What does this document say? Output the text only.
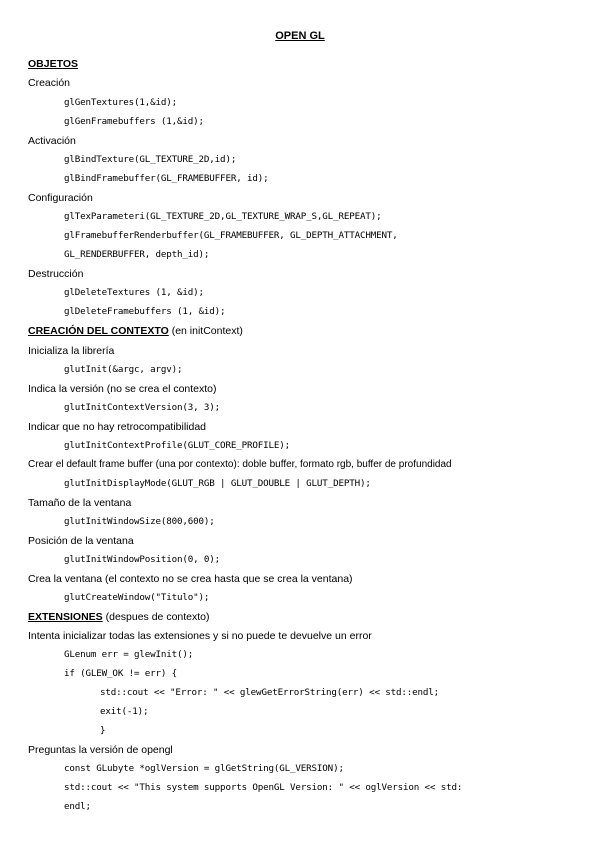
OPEN GL
OBJETOS
Creación
glGenTextures(1,&id);
glGenFramebuffers (1,&id);
Activación
glBindTexture(GL_TEXTURE_2D,id);
glBindFramebuffer(GL_FRAMEBUFFER, id);
Configuración
glTexParameteri(GL_TEXTURE_2D,GL_TEXTURE_WRAP_S,GL_REPEAT);
glFramebufferRenderbuffer(GL_FRAMEBUFFER, GL_DEPTH_ATTACHMENT,
GL_RENDERBUFFER, depth_id);
Destrucción
glDeleteTextures (1, &id);
glDeleteFramebuffers (1, &id);
CREACIÓN DEL CONTEXTO (en initContext)
Inicializa la librería
glutInit(&argc, argv);
Indica la versión (no se crea el contexto)
glutInitContextVersion(3, 3);
Indicar que no hay retrocompatibilidad
glutInitContextProfile(GLUT_CORE_PROFILE);
Crear el default frame buffer (una por contexto): doble buffer, formato rgb, buffer de profundidad
glutInitDisplayMode(GLUT_RGB | GLUT_DOUBLE | GLUT_DEPTH);
Tamaño de la ventana
glutInitWindowSize(800,600);
Posición de la ventana
glutInitWindowPosition(0, 0);
Crea la ventana (el contexto no se crea hasta que se crea la ventana)
glutCreateWindow("Titulo");
EXTENSIONES (despues de contexto)
Intenta inicializar todas las extensiones y si no puede te devuelve un error
GLenum err = glewInit();
if (GLEW_OK != err) {
std::cout << "Error: " << glewGetErrorString(err) << std::endl;
exit(-1);
}
Preguntas la versión de opengl
const GLubyte *oglVersion = glGetString(GL_VERSION);
std::cout << "This system supports OpenGL Version: " << oglVersion << std:
endl;
